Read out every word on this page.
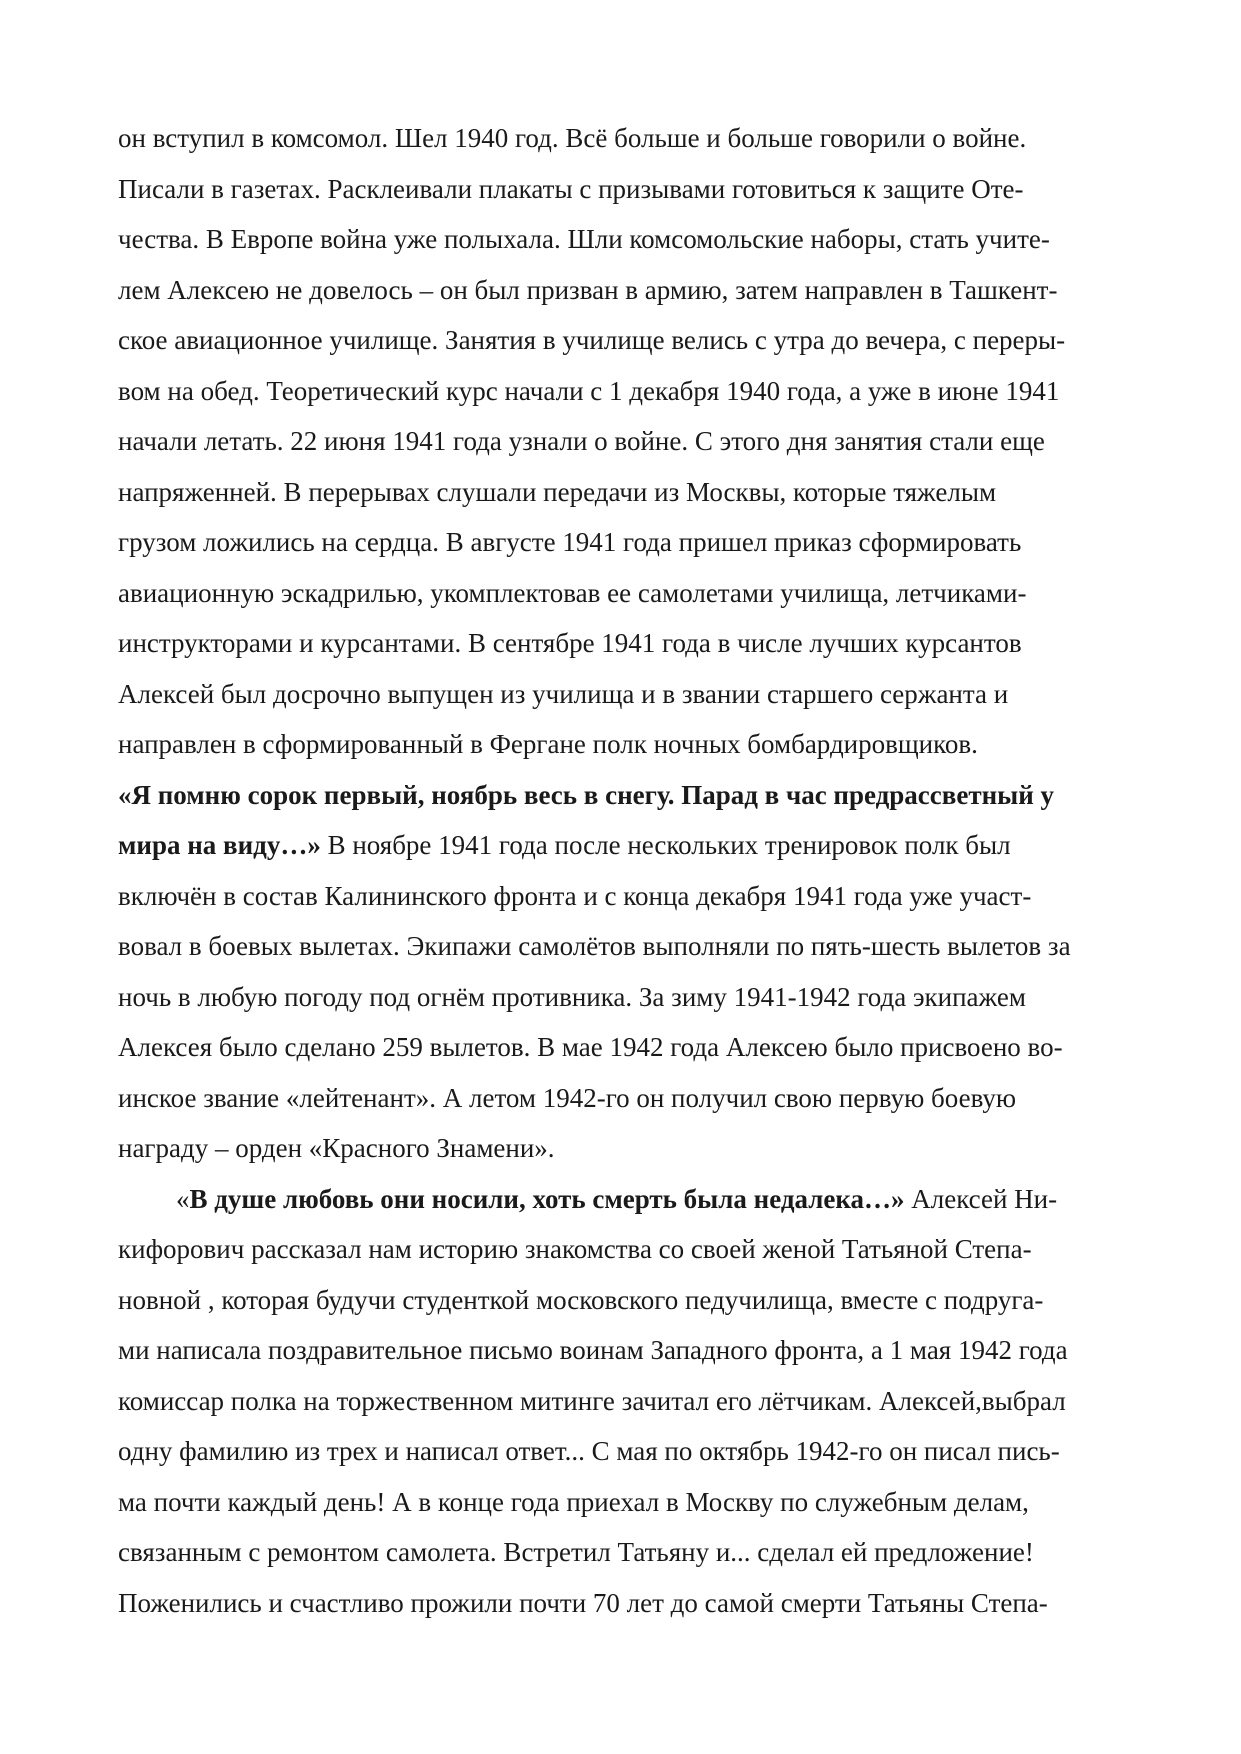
он вступил в комсомол. Шел 1940 год. Всё больше и больше говорили о войне.
Писали в газетах. Расклеивали плакаты с призывами готовиться к защите Оте-
чества. В Европе война уже полыхала. Шли комсомольские наборы, стать учите-
лем Алексею не довелось – он был призван в армию, затем направлен в Ташкент-
ское авиационное училище. Занятия в училище велись с утра до вечера, с переры-
вом на обед. Теоретический курс начали с 1 декабря 1940 года, а уже в июне 1941
начали летать. 22 июня 1941 года узнали о войне. С этого дня занятия стали еще
напряженней. В перерывах слушали передачи из Москвы, которые тяжелым
грузом ложились на сердца. В августе 1941 года пришел приказ сформировать
авиационную эскадрилью, укомплектовав ее самолетами училища, летчиками-
инструкторами и курсантами. В сентябре 1941 года в числе лучших курсантов
Алексей был досрочно выпущен из училища и в звании старшего сержанта и
направлен в сформированный в Фергане полк ночных бомбардировщиков.
«Я помню сорок первый, ноябрь весь в снегу. Парад в час предрассветный у
мира на виду…» В ноябре 1941 года после нескольких тренировок полк был
включён в состав Калининского фронта и с конца декабря 1941 года уже участ-
вовал в боевых вылетах. Экипажи самолётов выполняли по пять-шесть вылетов за
ночь в любую погоду под огнём противника. За зиму 1941-1942 года экипажем
Алексея было сделано 259 вылетов. В мае 1942 года Алексею было присвоено во-
инское звание «лейтенант». А летом 1942-го он получил свою первую боевую
награду – орден «Красного Знамени».
«В душе любовь они носили, хоть смерть была недалека…» Алексей Ни-
кифорович рассказал нам историю знакомства со своей женой Татьяной Степа-
новной , которая будучи студенткой московского педучилища, вместе с подруга-
ми написала поздравительное письмо воинам Западного фронта, а 1 мая 1942 года
комиссар полка на торжественном митинге зачитал его лётчикам. Алексей,выбрал
одну фамилию из трех и написал ответ... С мая по октябрь 1942-го он писал пись-
ма почти каждый день! А в конце года приехал в Москву по служебным делам,
связанным с ремонтом самолета. Встретил Татьяну и... сделал ей предложение!
Поженились и счастливо прожили почти 70 лет до самой смерти Татьяны Степа-
